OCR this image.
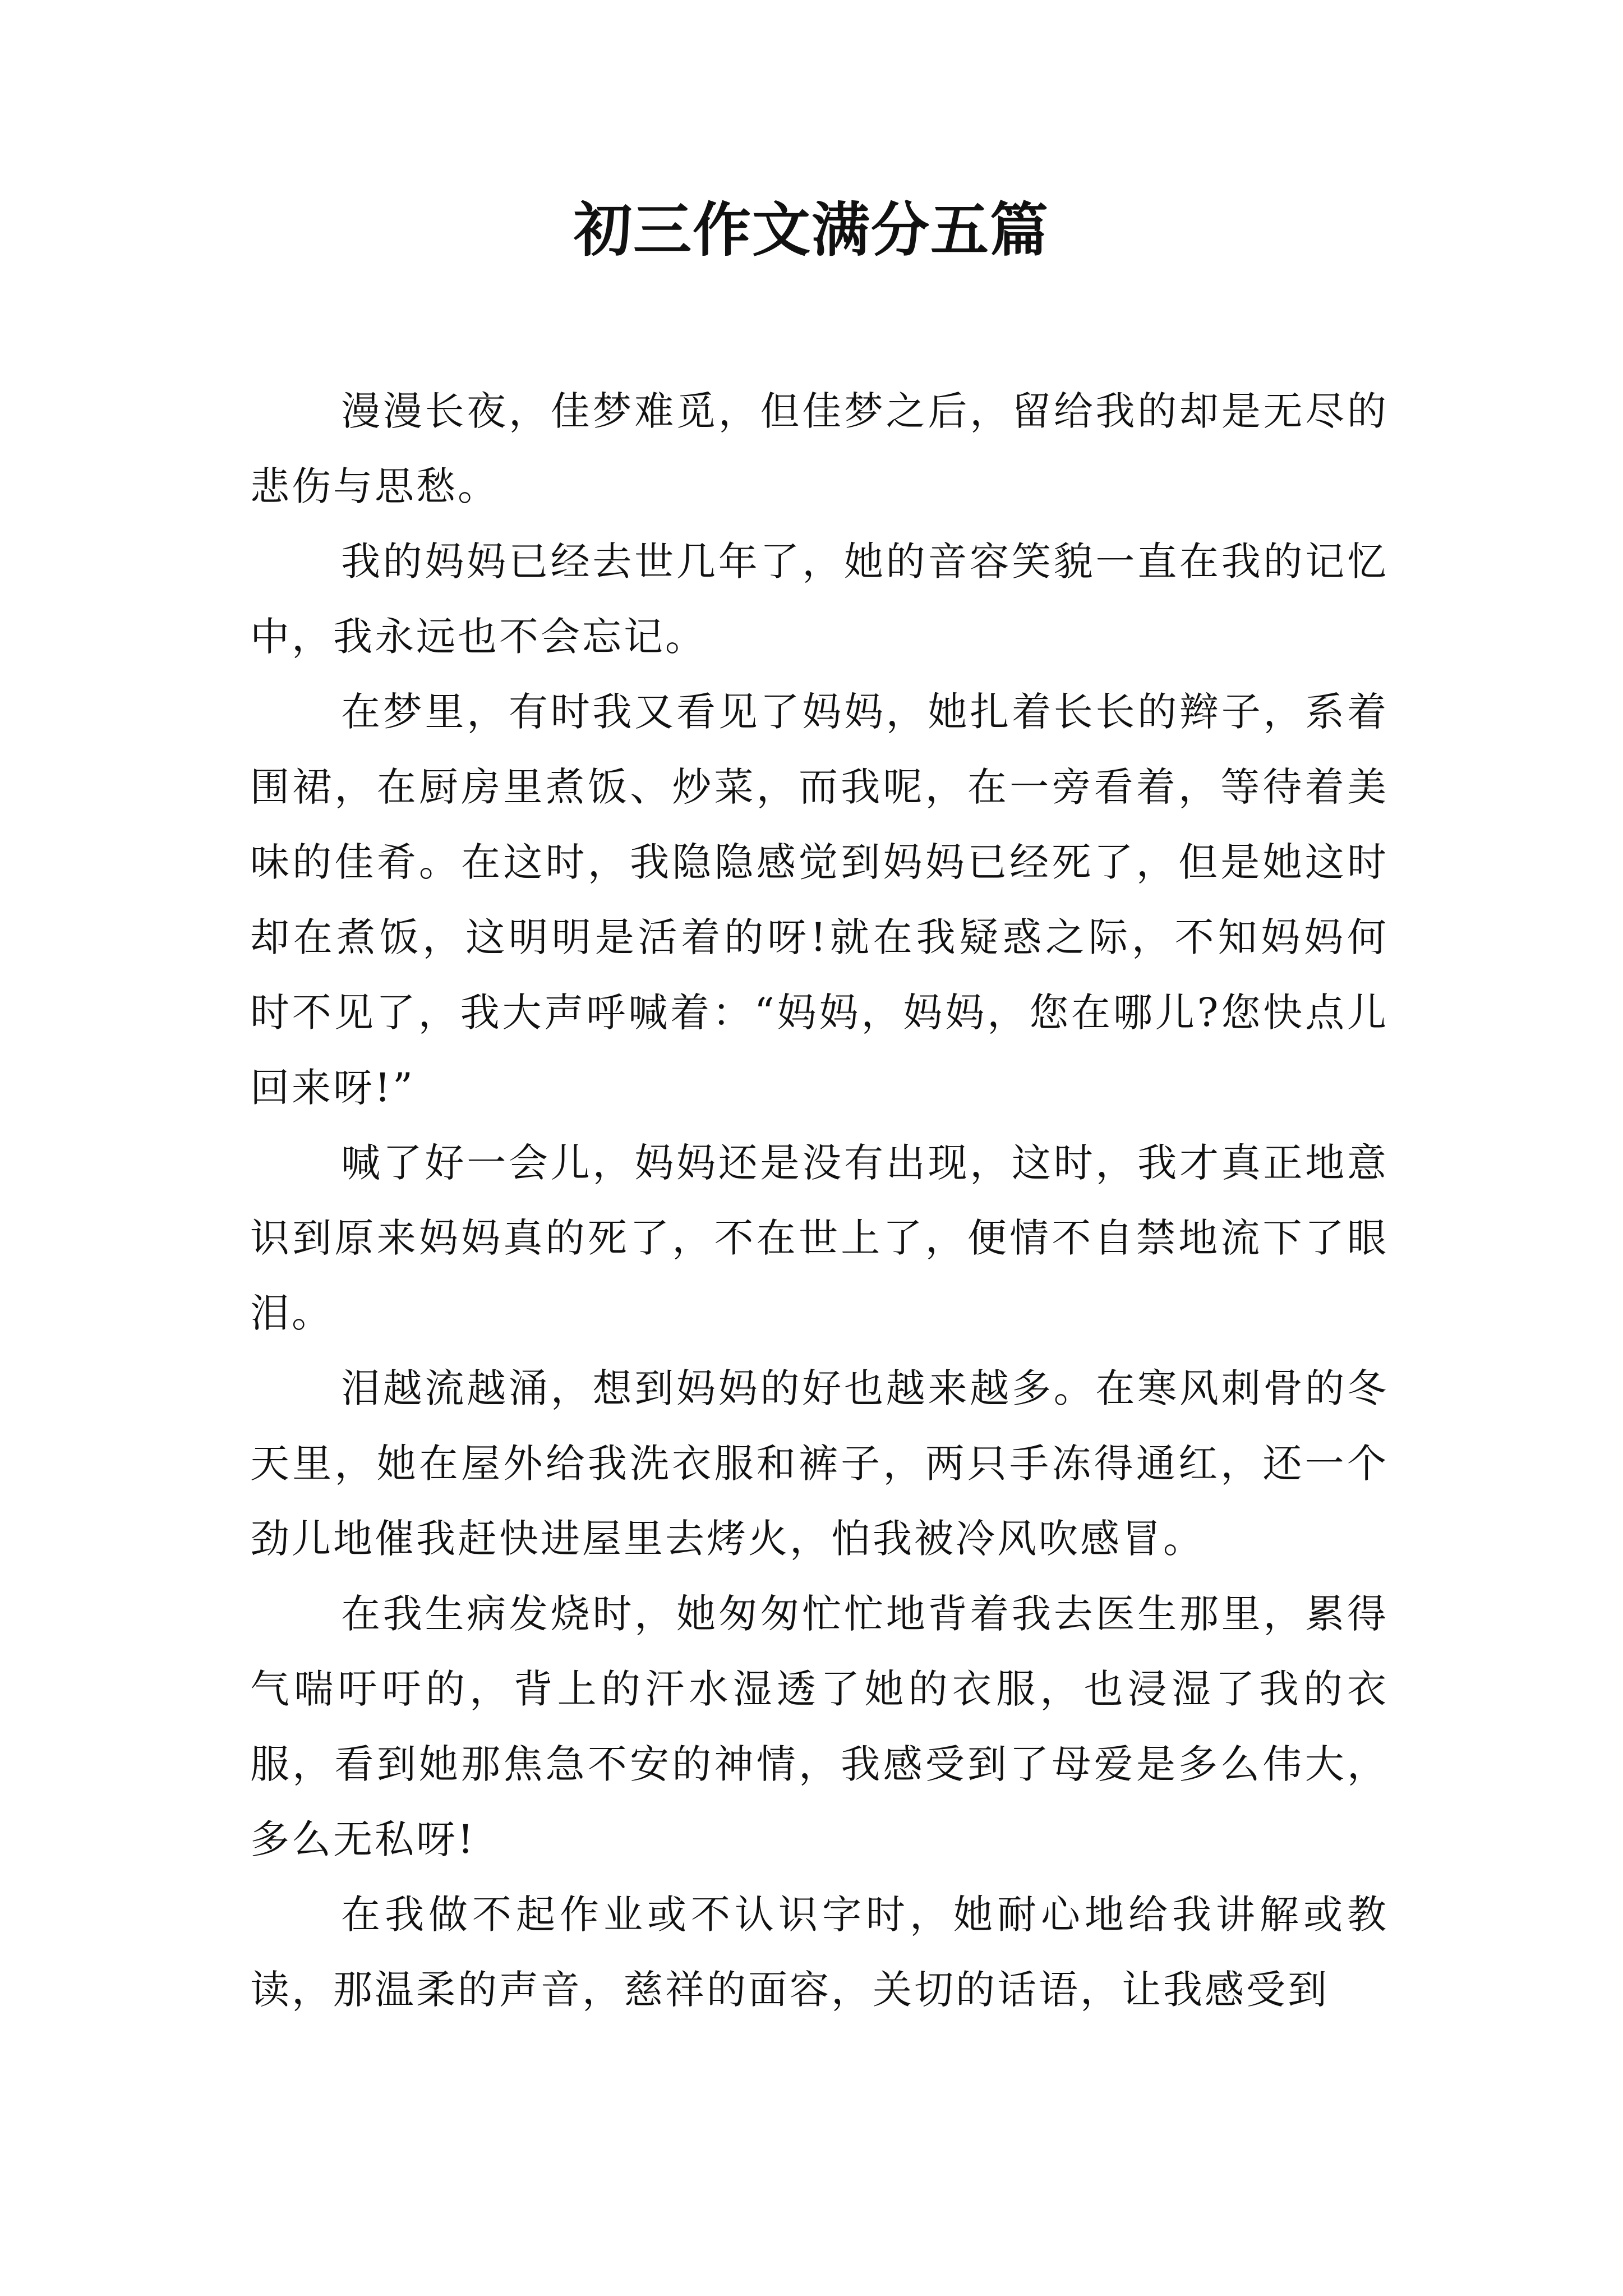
初三作文满分五篇

漫漫长夜，佳梦难觅，但佳梦之后，留给我的却是无尽的悲伤与思愁。

我的妈妈已经去世几年了，她的音容笑貌一直在我的记忆中，我永远也不会忘记。

在梦里，有时我又看见了妈妈，她扎着长长的辫子，系着围裙，在厨房里煮饭、炒菜，而我呢，在一旁看着，等待着美味的佳肴。在这时，我隐隐感觉到妈妈已经死了，但是她这时却在煮饭，这明明是活着的呀!就在我疑惑之际，不知妈妈何时不见了，我大声呼喊着：“妈妈，妈妈，您在哪儿?您快点儿回来呀!”

喊了好一会儿，妈妈还是没有出现，这时，我才真正地意识到原来妈妈真的死了，不在世上了，便情不自禁地流下了眼泪。

泪越流越涌，想到妈妈的好也越来越多。在寒风刺骨的冬天里，她在屋外给我洗衣服和裤子，两只手冻得通红，还一个劲儿地催我赶快进屋里去烤火，怕我被冷风吹感冒。

在我生病发烧时，她匆匆忙忙地背着我去医生那里，累得气喘吁吁的，背上的汗水湿透了她的衣服，也浸湿了我的衣服，看到她那焦急不安的神情，我感受到了母爱是多么伟大，多么无私呀!

在我做不起作业或不认识字时，她耐心地给我讲解或教读，那温柔的声音，慈祥的面容，关切的话语，让我感受到
